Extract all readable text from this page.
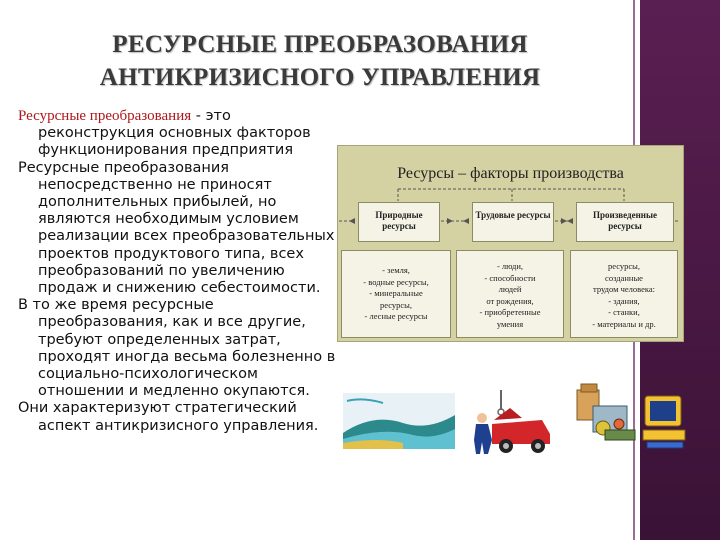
РЕСУРСНЫЕ ПРЕОБРАЗОВАНИЯ
АНТИКРИЗИСНОГО УПРАВЛЕНИЯ

Ресурсные преобразования - это реконструкция основных факторов функционирования предприятия

Ресурсные преобразования непосредственно не приносят дополнительных прибылей, но являются необходимым условием реализации всех преобразовательных проектов продуктового типа, всех преобразований по увеличению продаж и снижению себестоимости.

В то же время ресурсные преобразования, как и все другие, требуют определенных затрат, проходят иногда весьма болезненно в социально-психологическом отношении и медленно окупаются.

Они характеризуют стратегический аспект антикризисного управления.

Ресурсы – факторы производства
Природные ресурсы
Трудовые ресурсы	Произведенные ресурсы
- земля,
- водные ресурсы,
- минеральные
ресурсы,
- лесные ресурсы
- люди,
- способности
людей
от рождения,
- приобретенные
умения
ресурсы,
созданные
трудом человека:
- здания,
- станки,
- материалы и др.
